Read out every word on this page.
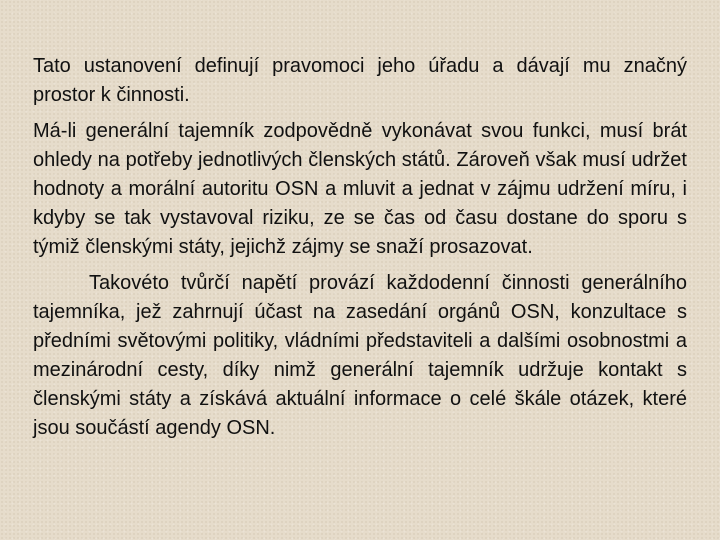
Tato ustanovení definují pravomoci jeho úřadu a dávají mu značný prostor k činnosti.

Má-li generální tajemník zodpovědně vykonávat svou funkci, musí brát ohledy na potřeby jednotlivých členských států. Zároveň však musí udržet hodnoty a morální autoritu OSN a mluvit a jednat v zájmu udržení míru, i kdyby se tak vystavoval riziku, ze se čas od času dostane do sporu s týmiž členskými státy, jejichž zájmy se snaží prosazovat.

Takovéto tvůrčí napětí provází každodenní činnosti generálního tajemníka, jež zahrnují účast na zasedání orgánů OSN, konzultace s předními světovými politiky, vládními představiteli a dalšími osobnostmi a mezinárodní cesty, díky nimž generální tajemník udržuje kontakt s členskými státy a získává aktuální informace o celé škále otázek, které jsou součástí agendy OSN.
